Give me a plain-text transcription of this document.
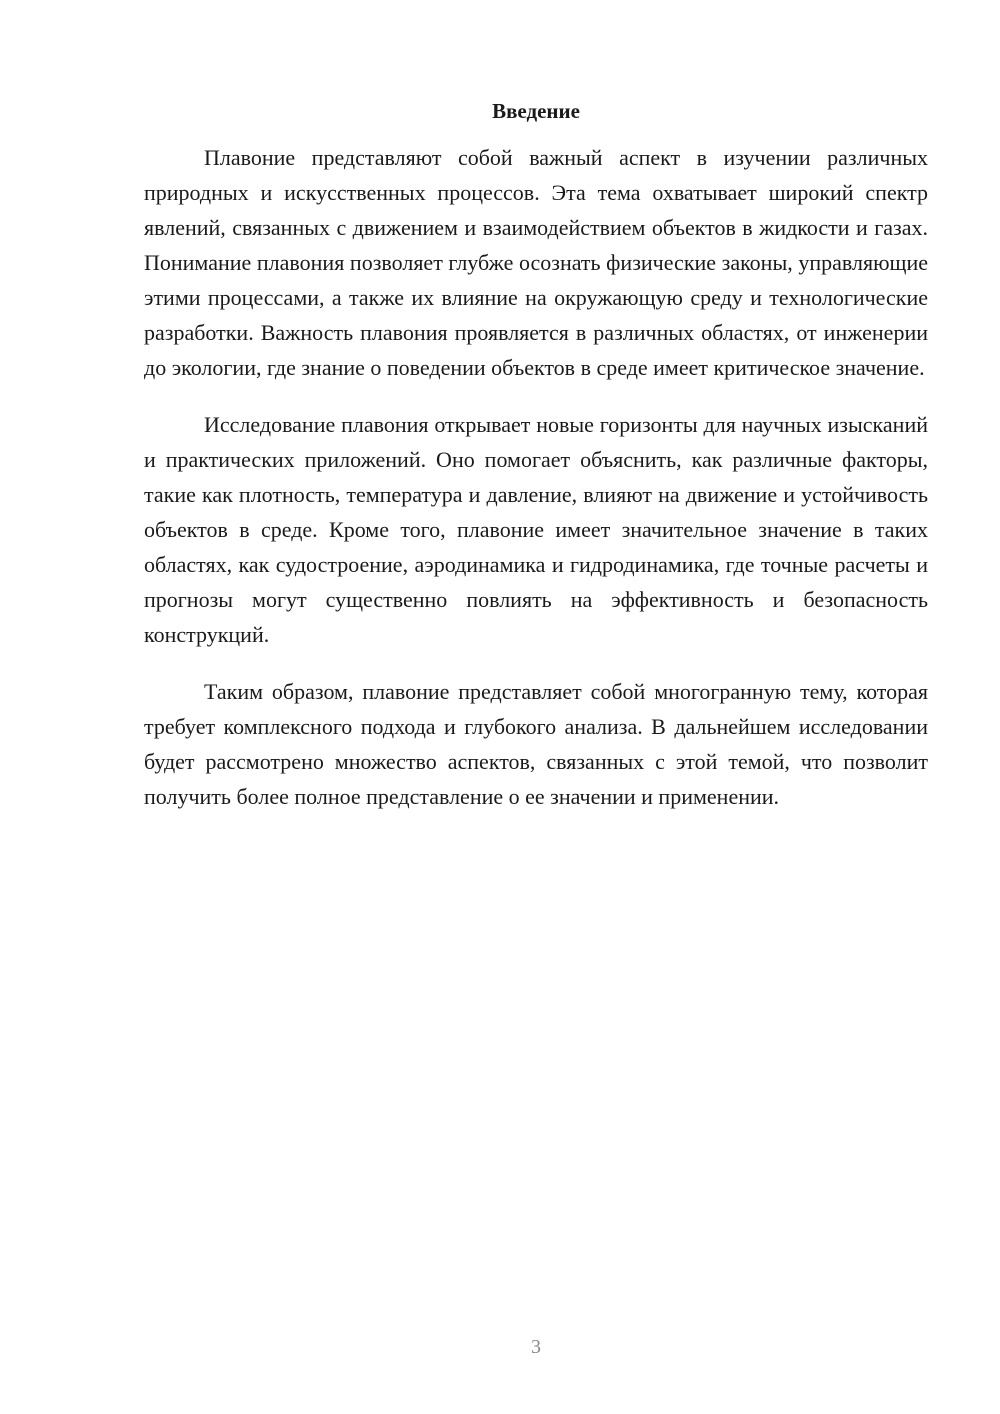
Введение

Плавоние представляют собой важный аспект в изучении различных природных и искусственных процессов. Эта тема охватывает широкий спектр явлений, связанных с движением и взаимодействием объектов в жидкости и газах. Понимание плавония позволяет глубже осознать физические законы, управляющие этими процессами, а также их влияние на окружающую среду и технологические разработки. Важность плавония проявляется в различных областях, от инженерии до экологии, где знание о поведении объектов в среде имеет критическое значение.

Исследование плавония открывает новые горизонты для научных изысканий и практических приложений. Оно помогает объяснить, как различные факторы, такие как плотность, температура и давление, влияют на движение и устойчивость объектов в среде. Кроме того, плавоние имеет значительное значение в таких областях, как судостроение, аэродинамика и гидродинамика, где точные расчеты и прогнозы могут существенно повлиять на эффективность и безопасность конструкций.

Таким образом, плавоние представляет собой многогранную тему, которая требует комплексного подхода и глубокого анализа. В дальнейшем исследовании будет рассмотрено множество аспектов, связанных с этой темой, что позволит получить более полное представление о ее значении и применении.

3
